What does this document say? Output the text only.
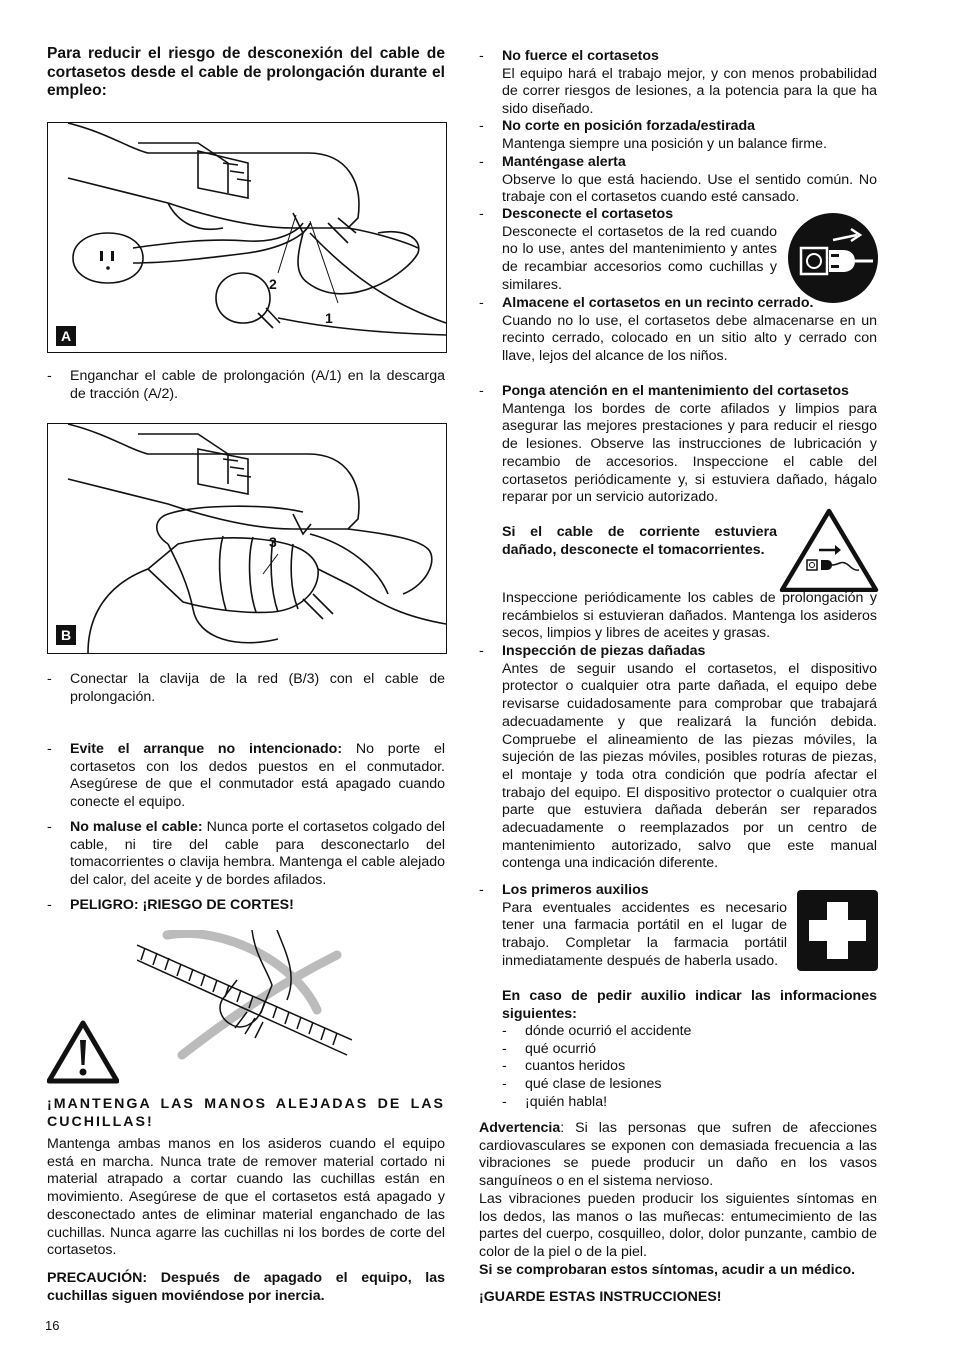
Para reducir el riesgo de desconexión del cable de cortasetos desde el cable de prolongación durante el empleo:

2
1
A
- Enganchar el cable de prolongación (A/1) en la descarga de tracción (A/2).
3
B
- Conectar la clavija de la red (B/3) con el cable de prolongación.
- Evite el arranque no intencionado: No porte el cortasetos con los dedos puestos en el conmutador. Asegúrese de que el conmutador está apagado cuando conecte el equipo.
- No maluse el cable: Nunca porte el cortasetos colgado del cable, ni tire del cable para desconectarlo del tomacorrientes o clavija hembra. Mantenga el cable alejado del calor, del aceite y de bordes afilados.
- PELIGRO: ¡RIESGO DE CORTES!

¡MANTENGA LAS MANOS ALEJADAS DE LAS CUCHILLAS!

Mantenga ambas manos en los asideros cuando el equipo está en marcha. Nunca trate de remover material cortado ni material atrapado a cortar cuando las cuchillas están en movimiento. Asegúrese de que el cortasetos está apagado y desconectado antes de eliminar material enganchado de las cuchillas. Nunca agarre las cuchillas ni los bordes de corte del cortasetos.

PRECAUCIÓN: Después de apagado el equipo, las cuchillas siguen moviéndose por inercia.

- No fuerce el cortasetos
El equipo hará el trabajo mejor, y con menos probabilidad de correr riesgos de lesiones, a la potencia para la que ha sido diseñado.
- No corte en posición forzada/estirada
Mantenga siempre una posición y un balance firme.
- Manténgase alerta
Observe lo que está haciendo. Use el sentido común. No trabaje con el cortasetos cuando esté cansado.
- Desconecte el cortasetos
Desconecte el cortasetos de la red cuando no lo use, antes del mantenimiento y antes de recambiar accesorios como cuchillas y similares.
- Almacene el cortasetos en un recinto cerrado.
Cuando no lo use, el cortasetos debe almacenarse en un recinto cerrado, colocado en un sitio alto y cerrado con llave, lejos del alcance de los niños.
- Ponga atención en el mantenimiento del cortasetos
Mantenga los bordes de corte afilados y limpios para asegurar las mejores prestaciones y para reducir el riesgo de lesiones. Observe las instrucciones de lubricación y recambio de accesorios. Inspeccione el cable del cortasetos periódicamente y, si estuviera dañado, hágalo reparar por un servicio autorizado.

Si el cable de corriente estuviera dañado, desconecte el tomacorrientes.

Inspeccione periódicamente los cables de prolongación y recámbielos si estuvieran dañados. Mantenga los asideros secos, limpios y libres de aceites y grasas.

- Inspección de piezas dañadas
Antes de seguir usando el cortasetos, el dispositivo protector o cualquier otra parte dañada, el equipo debe revisarse cuidadosamente para comprobar que trabajará adecuadamente y que realizará la función debida. Compruebe el alineamiento de las piezas móviles, la sujeción de las piezas móviles, posibles roturas de piezas, el montaje y toda otra condición que podría afectar el trabajo del equipo. El dispositivo protector o cualquier otra parte que estuviera dañada deberán ser reparados adecuadamente o reemplazados por un centro de mantenimiento autorizado, salvo que este manual contenga una indicación diferente.
- Los primeros auxilios
Para eventuales accidentes es necesario tener una farmacia portátil en el lugar de trabajo. Completar la farmacia portátil inmediatamente después de haberla usado.

En caso de pedir auxilio indicar las informaciones siguientes:

- dónde ocurrió el accidente
- qué ocurrió
- cuantos heridos
- qué clase de lesiones
- ¡quién habla!

Advertencia: Si las personas que sufren de afecciones cardiovasculares se exponen con demasiada frecuencia a las vibraciones se puede producir un daño en los vasos sanguíneos o en el sistema nervioso.

Las vibraciones pueden producir los siguientes síntomas en los dedos, las manos o las muñecas: entumecimiento de las partes del cuerpo, cosquilleo, dolor, dolor punzante, cambio de color de la piel o de la piel.

Si se comprobaran estos síntomas, acudir a un médico.

¡GUARDE ESTAS INSTRUCCIONES!

16
